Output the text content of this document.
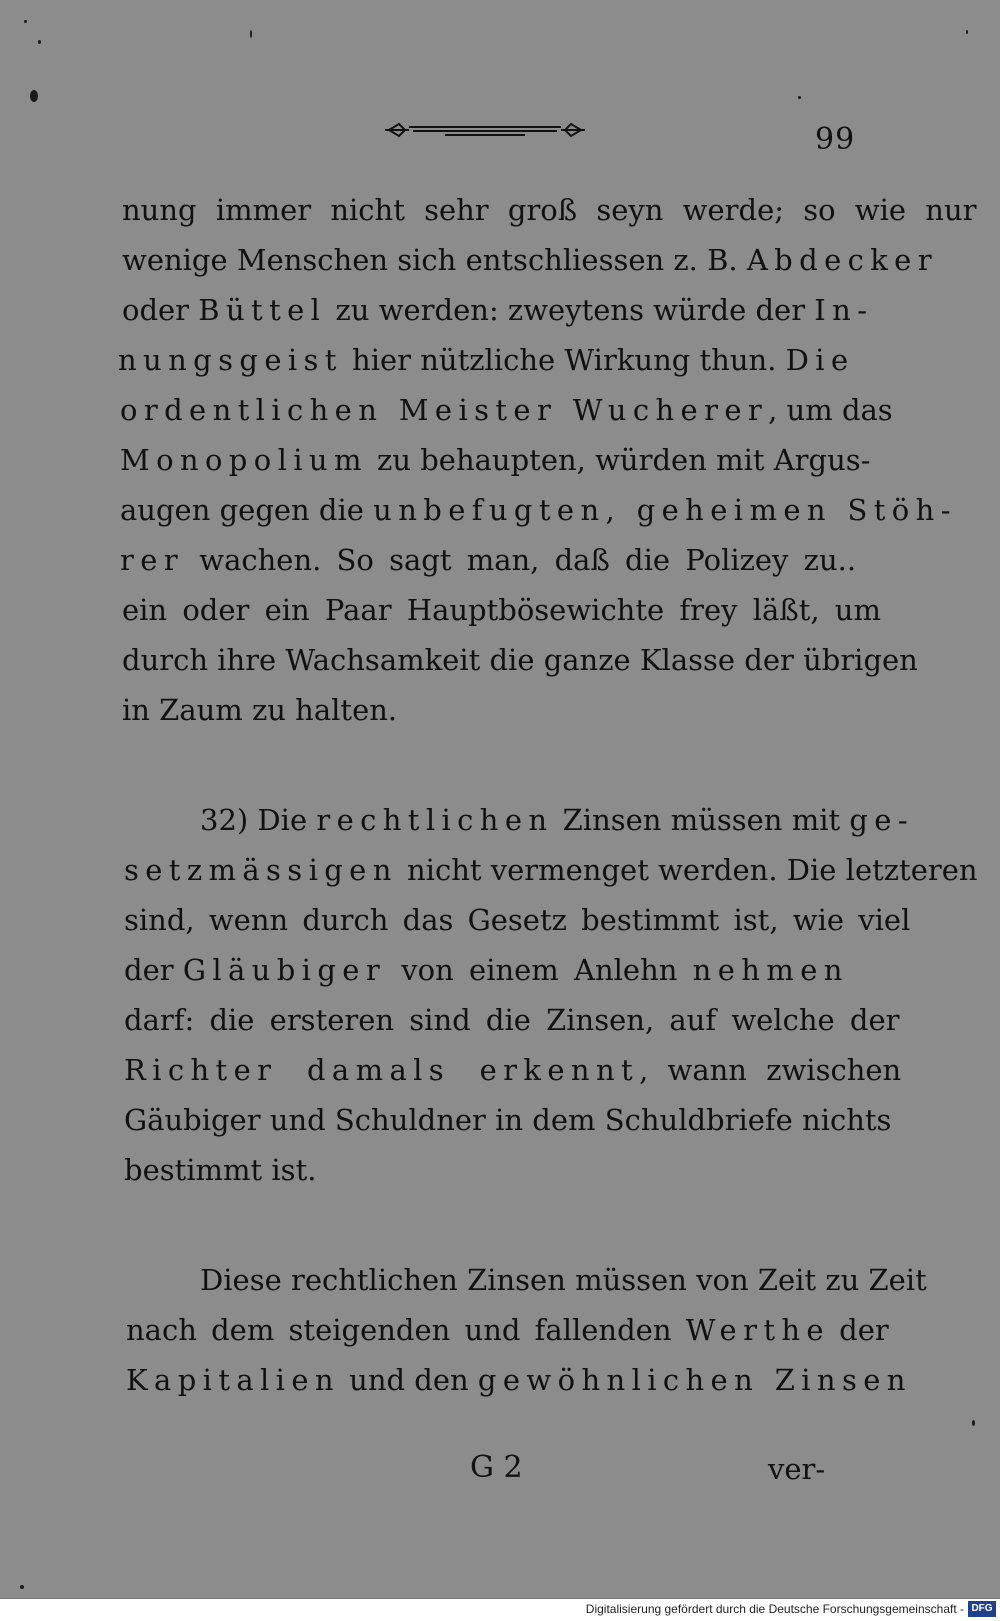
99
nung immer nicht sehr groß seyn werde; so wie nur
wenige Menschen sich entschliessen z. B. Abdecker
oder Büttel zu werden: zweytens würde der In-
nungsgeist hier nützliche Wirkung thun. Die
ordentlichen Meister Wucherer, um das
Monopolium zu behaupten, würden mit Argus-
augen gegen die unbefugten, geheimen Stöh-
rer wachen. So sagt man, daß die Polizey zu..
ein oder ein Paar Hauptbösewichte frey läßt, um
durch ihre Wachsamkeit die ganze Klasse der übrigen
in Zaum zu halten.
32) Die rechtlichen Zinsen müssen mit ge-
setzmässigen nicht vermenget werden. Die letzteren
sind, wenn durch das Gesetz bestimmt ist, wie viel
der Gläubiger von einem Anlehn nehmen
darf: die ersteren sind die Zinsen, auf welche der
Richter damals erkennt, wann zwischen
Gäubiger und Schuldner in dem Schuldbriefe nichts
bestimmt ist.
Diese rechtlichen Zinsen müssen von Zeit zu Zeit
nach dem steigenden und fallenden Werthe der
Kapitalien und den gewöhnlichen Zinsen
G 2	ver-
Digitalisierung gefördert durch die Deutsche Forschungsgemeinschaft - DFG
